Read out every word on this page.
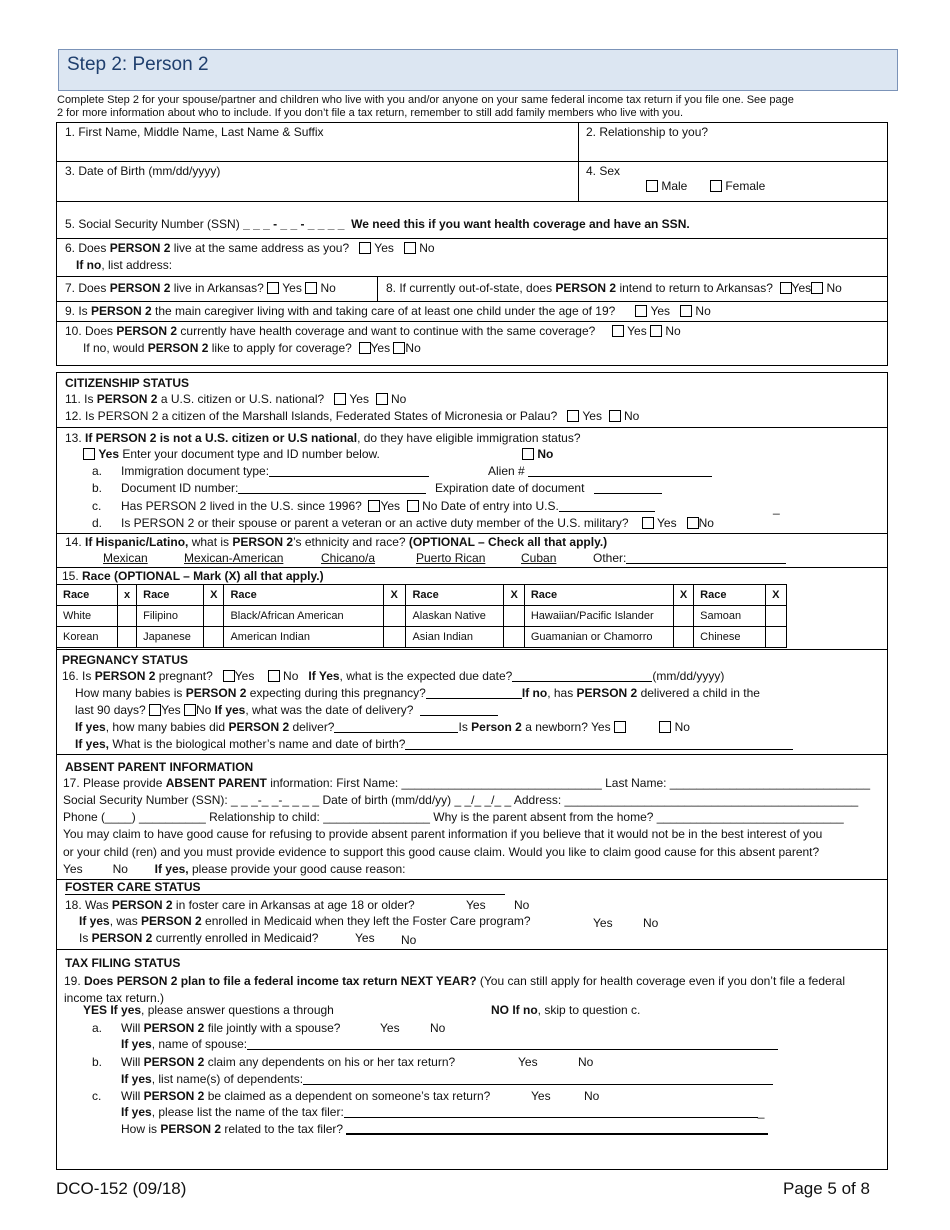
Step 2: Person 2
Complete Step 2 for your spouse/partner and children who live with you and/or anyone on your same federal income tax return if you file one. See page
2 for more information about who to include. If you don’t file a tax return, remember to still add family members who live with you.
1. First Name, Middle Name, Last Name & Suffix	2. Relationship to you?
3. Date of Birth (mm/dd/yyyy)	4. Sex
Male	Female
5. Social Security Number (SSN) _ _ _ - _ _ - _ _ _ _ We need this if you want health coverage and have an SSN.
6. Does PERSON 2 live at the same address as you? Yes No
If no, list address:
7. Does PERSON 2 live in Arkansas? Yes No	8. If currently out-of-state, does PERSON 2 intend to return to Arkansas? Yes No
9. Is PERSON 2 the main caregiver living with and taking care of at least one child under the age of 19?	Yes No
10. Does PERSON 2 currently have health coverage and want to continue with the same coverage?	Yes No
If no, would PERSON 2 like to apply for coverage? Yes No
CITIZENSHIP STATUS
11. Is PERSON 2 a U.S. citizen or U.S. national? Yes No
12. Is PERSON 2 a citizen of the Marshall Islands, Federated States of Micronesia or Palau? Yes No
13. If PERSON 2 is not a U.S. citizen or U.S national, do they have eligible immigration status?
Yes Enter your document type and ID number below.	No
a. Immigration document type:	Alien #
b. Document ID number:	Expiration date of document
c. Has PERSON 2 lived in the U.S. since 1996? Yes No Date of entry into U.S.	_
d. Is PERSON 2 or their spouse or parent a veteran or an active duty member of the U.S. military? Yes No
14. If Hispanic/Latino, what is PERSON 2’s ethnicity and race? (OPTIONAL – Check all that apply.)
Mexican	Mexican-American	Chicano/a	Puerto Rican	Cuban	Other:
15. Race (OPTIONAL – Mark (X) all that apply.)
Race	x	Race	X	Race	X	Race	X	Race	X	Race	X
White		Filipino		Black/African American		Alaskan Native		Hawaiian/Pacific Islander		Samoan	
Korean		Japanese		American Indian		Asian Indian		Guamanian or Chamorro		Chinese	
PREGNANCY STATUS
16. Is PERSON 2 pregnant? Yes No If Yes, what is the expected due date?	(mm/dd/yyyy)
How many babies is PERSON 2 expecting during this pregnancy?	If no, has PERSON 2 delivered a child in the
last 90 days? Yes No If yes, what was the date of delivery?
If yes, how many babies did PERSON 2 deliver?	Is Person 2 a newborn? Yes	No
If yes, What is the biological mother’s name and date of birth?
ABSENT PARENT INFORMATION
17. Please provide ABSENT PARENT information: First Name: ______________________________ Last Name: ______________________________
Social Security Number (SSN): _ _ _-_ _-_ _ _ _ Date of birth (mm/dd/yy) _ _/_ _/_ _ Address: ____________________________________________
Phone (____) __________ Relationship to child: ________________ Why is the parent absent from the home? ____________________________
You may claim to have good cause for refusing to provide absent parent information if you believe that it would not be in the best interest of you
or your child (ren) and you must provide evidence to support this good cause claim. Would you like to claim good cause for this absent parent?
Yes	No If yes, please provide your good cause reason:
FOSTER CARE STATUS
18. Was PERSON 2 in foster care in Arkansas at age 18 or older?	Yes No
If yes, was PERSON 2 enrolled in Medicaid when they left the Foster Care program?	Yes	No
Is PERSON 2 currently enrolled in Medicaid?	Yes No
TAX FILING STATUS
19. Does PERSON 2 plan to file a federal income tax return NEXT YEAR? (You can still apply for health coverage even if you don’t file a federal
income tax return.)
YES If yes, please answer questions a through	NO If no, skip to question c.
a. Will PERSON 2 file jointly with a spouse?	Yes	No
If yes, name of spouse:
b. Will PERSON 2 claim any dependents on his or her tax return?	Yes	No
If yes, list name(s) of dependents:
c. Will PERSON 2 be claimed as a dependent on someone’s tax return?	Yes	No
If yes, please list the name of the tax filer:	_
How is PERSON 2 related to the tax filer?
DCO-152 (09/18)	Page 5 of 8
